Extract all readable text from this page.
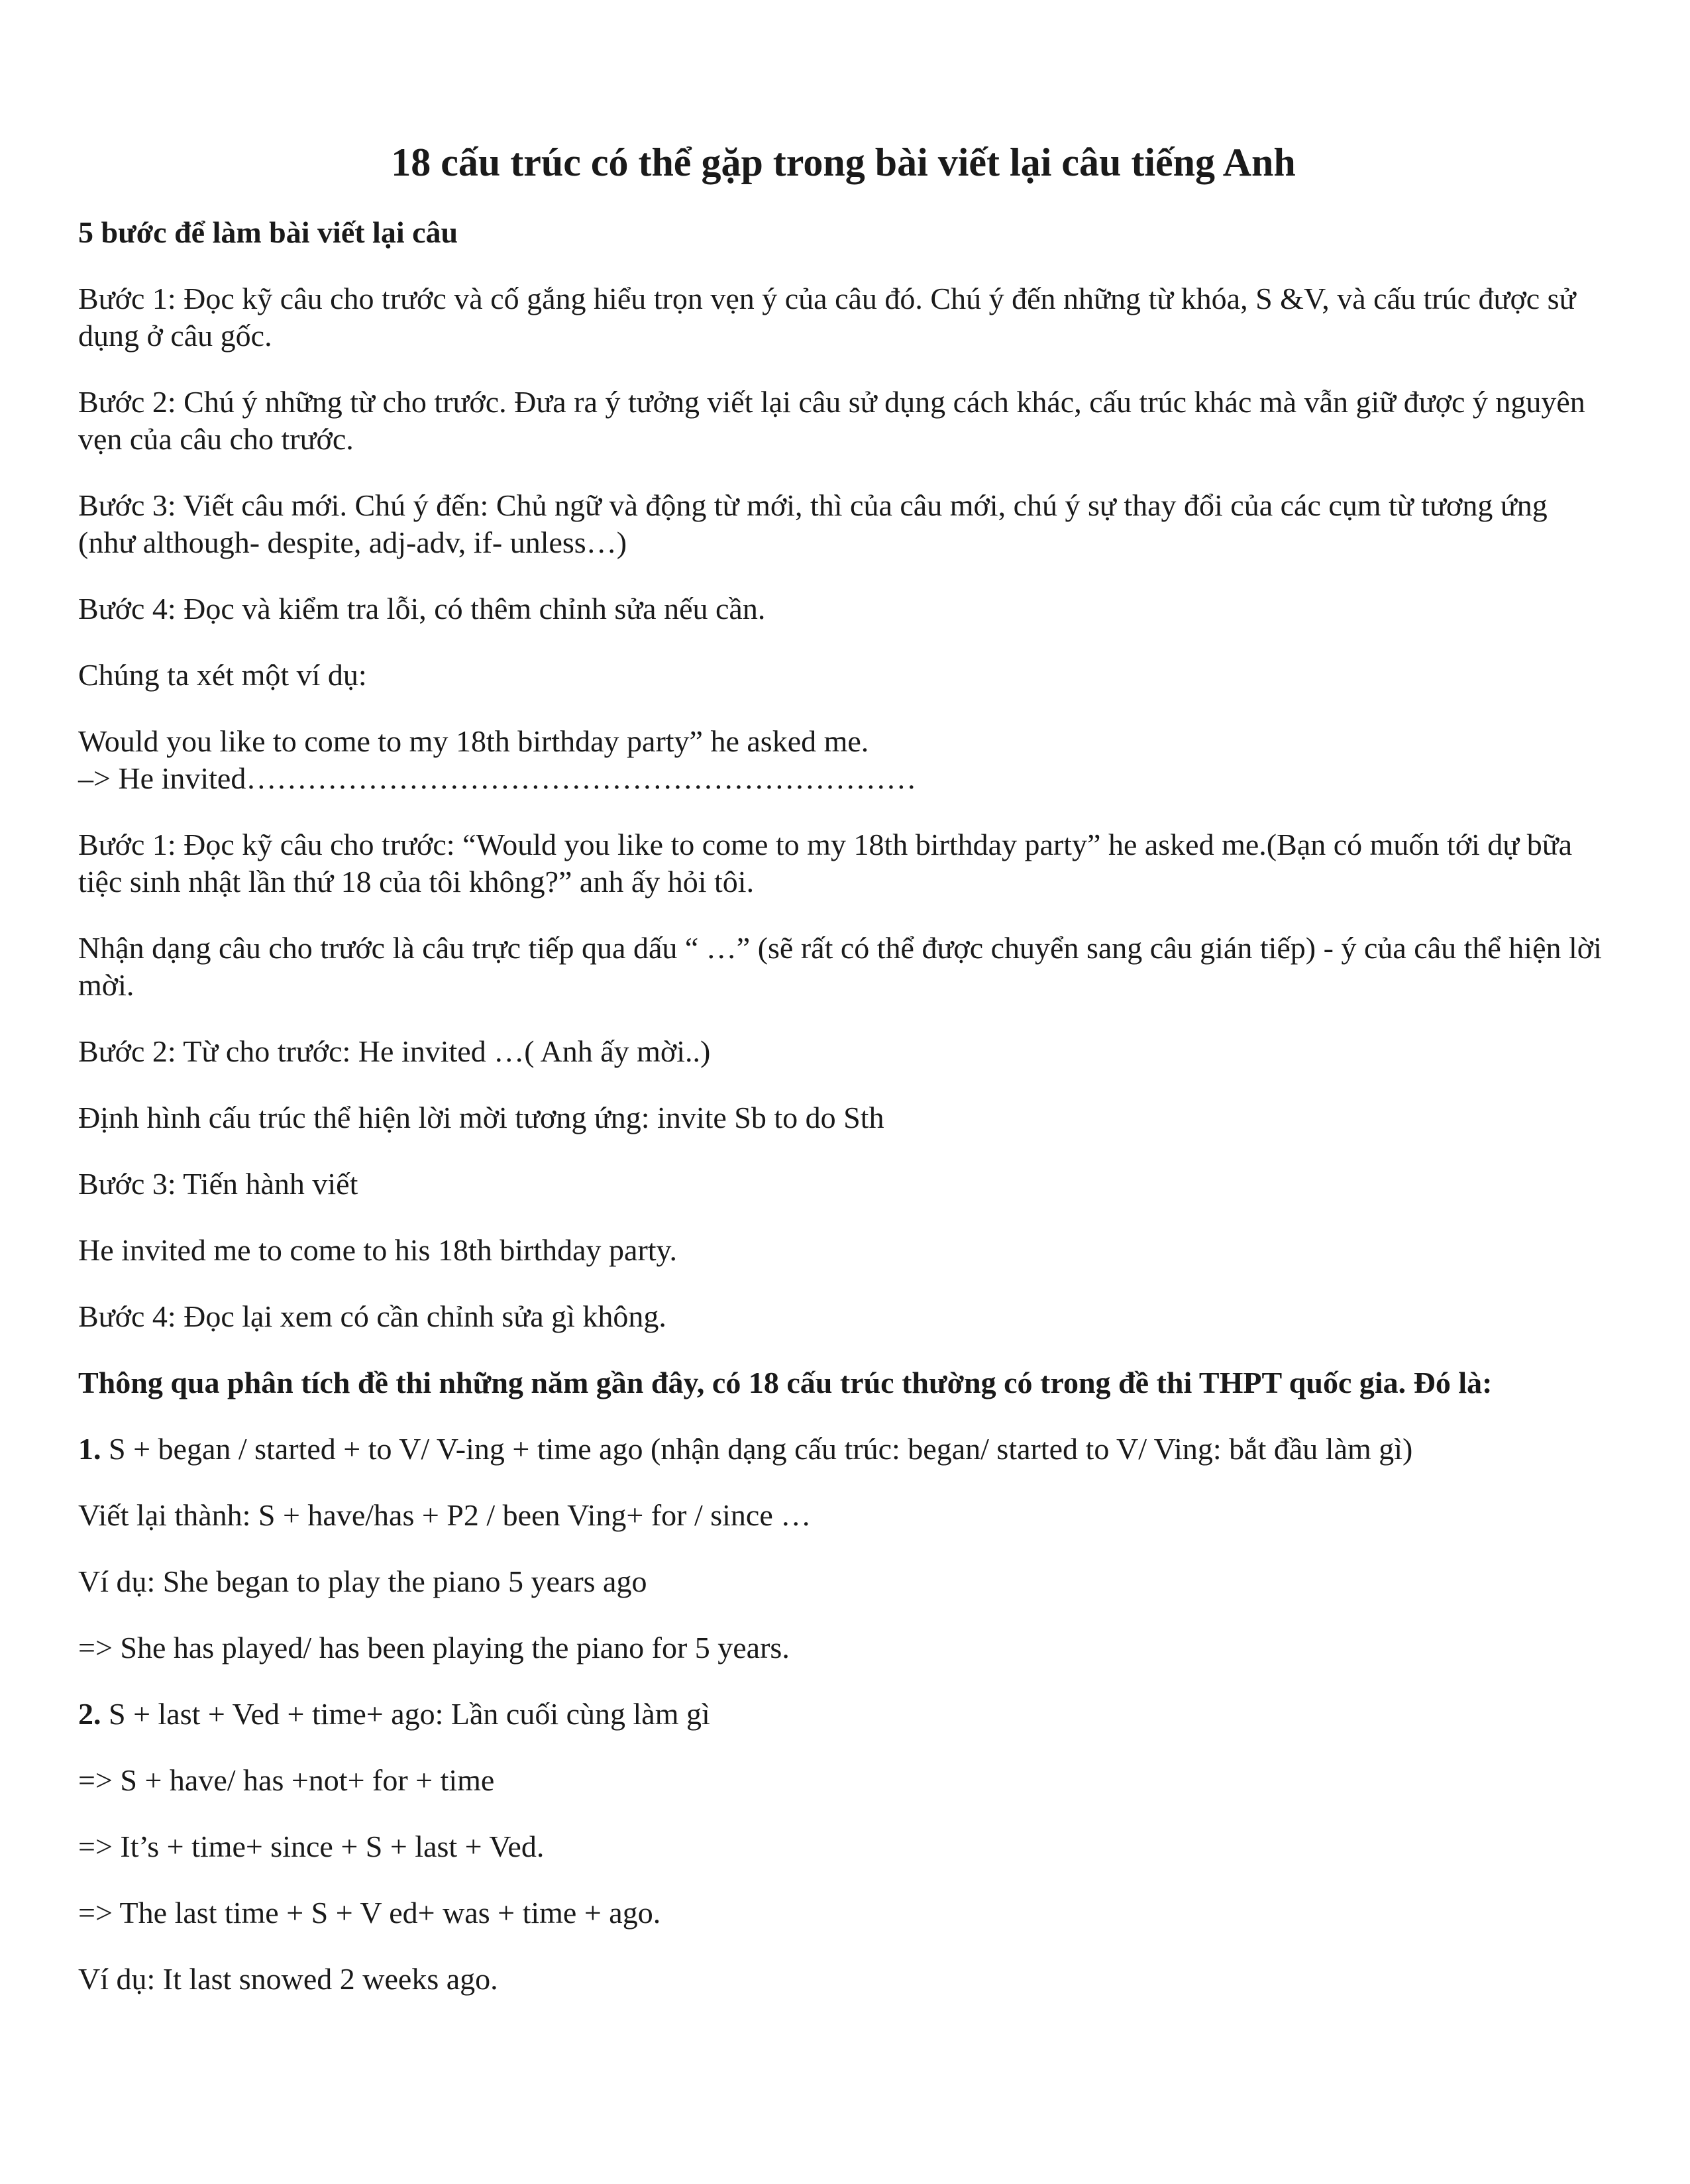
18 cấu trúc có thể gặp trong bài viết lại câu tiếng Anh
5 bước để làm bài viết lại câu
Bước 1: Đọc kỹ câu cho trước và cố gắng hiểu trọn vẹn ý của câu đó. Chú ý đến những từ khóa, S &V, và cấu trúc được sử dụng ở câu gốc.
Bước 2: Chú ý những từ cho trước. Đưa ra ý tưởng viết lại câu sử dụng cách khác, cấu trúc khác mà vẫn giữ được ý nguyên vẹn của câu cho trước.
Bước 3: Viết câu mới. Chú ý đến: Chủ ngữ và động từ mới, thì của câu mới, chú ý sự thay đổi của các cụm từ tương ứng (như although- despite, adj-adv, if- unless…)
Bước 4: Đọc và kiểm tra lỗi, có thêm chỉnh sửa nếu cần.
Chúng ta xét một ví dụ:
Would you like to come to my 18th birthday party” he asked me.
–> He invited…………………………………………………………
Bước 1: Đọc kỹ câu cho trước: “Would you like to come to my 18th birthday party” he asked me.(Bạn có muốn tới dự bữa tiệc sinh nhật lần thứ 18 của tôi không?” anh ấy hỏi tôi.
Nhận dạng câu cho trước là câu trực tiếp qua dấu “ …” (sẽ rất có thể được chuyển sang câu gián tiếp) - ý của câu thể hiện lời mời.
Bước 2: Từ cho trước: He invited …( Anh ấy mời..)
Định hình cấu trúc thể hiện lời mời tương ứng: invite Sb to do Sth
Bước 3: Tiến hành viết
He invited me to come to his 18th birthday party.
Bước 4: Đọc lại xem có cần chỉnh sửa gì không.
Thông qua phân tích đề thi những năm gần đây, có 18 cấu trúc thường có trong đề thi THPT quốc gia. Đó là:
1. S + began / started + to V/ V-ing + time ago (nhận dạng cấu trúc: began/ started to V/ Ving: bắt đầu làm gì)
Viết lại thành: S + have/has + P2 / been Ving+ for / since …
Ví dụ: She began to play the piano 5 years ago
=> She has played/ has been playing the piano for 5 years.
2. S + last + Ved + time+ ago: Lần cuối cùng làm gì
=> S + have/ has +not+ for + time
=> It’s + time+ since + S + last + Ved.
=> The last time + S + V ed+ was + time + ago.
Ví dụ: It last snowed 2 weeks ago.
